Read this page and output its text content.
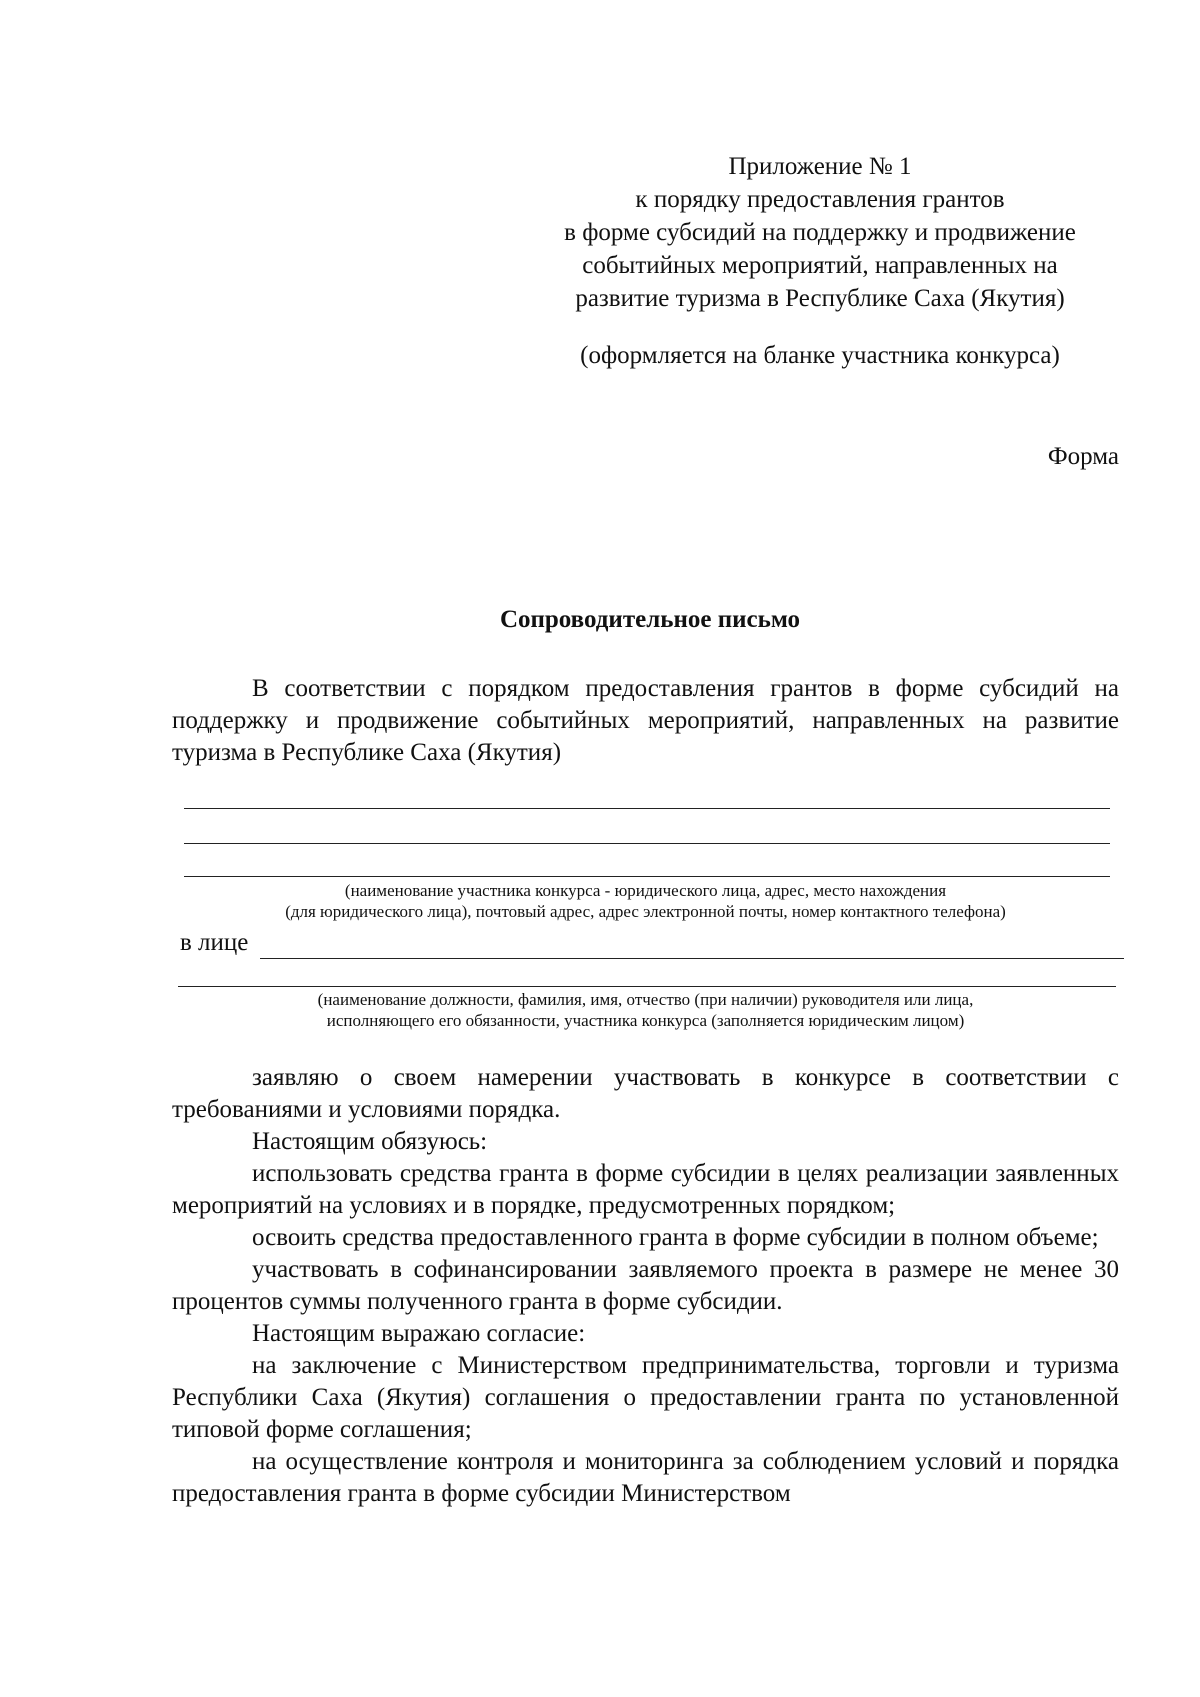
Приложение № 1
к порядку предоставления грантов
в форме субсидий на поддержку и продвижение
событийных мероприятий, направленных на
развитие туризма в Республике Саха (Якутия)
(оформляется на бланке участника конкурса)
Форма
Сопроводительное письмо

В соответствии с порядком предоставления грантов в форме субсидий на поддержку и продвижение событийных мероприятий, направленных на развитие туризма в Республике Саха (Якутия)

(наименование участника конкурса - юридического лица, адрес, место нахождения
(для юридического лица), почтовый адрес, адрес электронной почты, номер контактного телефона)
в лице
(наименование должности, фамилия, имя, отчество (при наличии) руководителя или лица,
исполняющего его обязанности, участника конкурса (заполняется юридическим лицом)

заявляю о своем намерении участвовать в конкурсе в соответствии с требованиями и условиями порядка.

Настоящим обязуюсь:

использовать средства гранта в форме субсидии в целях реализации заявленных мероприятий на условиях и в порядке, предусмотренных порядком;

освоить средства предоставленного гранта в форме субсидии в полном объеме;

участвовать в софинансировании заявляемого проекта в размере не менее 30 процентов суммы полученного гранта в форме субсидии.

Настоящим выражаю согласие:

на заключение с Министерством предпринимательства, торговли и туризма Республики Саха (Якутия) соглашения о предоставлении гранта по установленной типовой форме соглашения;

на осуществление контроля и мониторинга за соблюдением условий и порядка предоставления гранта в форме субсидии Министерством
